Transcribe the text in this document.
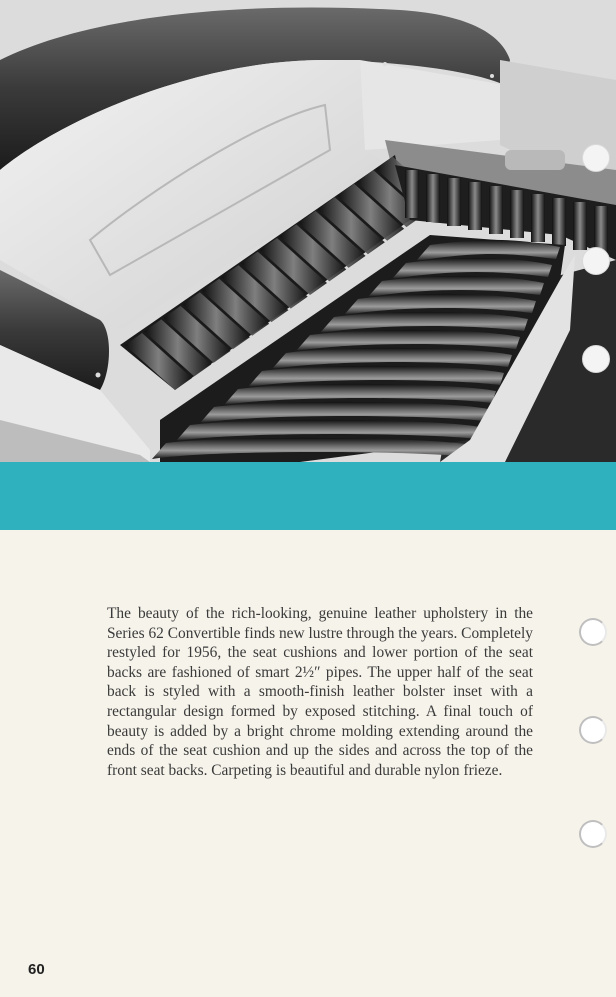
The beauty of the rich-looking, genuine leather upholstery in the Series 62 Convertible finds new lustre through the years. Completely restyled for 1956, the seat cushions and lower portion of the seat backs are fashioned of smart 2½″ pipes. The upper half of the seat back is styled with a smooth-finish leather bolster inset with a rectangular design formed by exposed stitching. A final touch of beauty is added by a bright chrome molding extending around the ends of the seat cushion and up the sides and across the top of the front seat backs. Carpeting is beautiful and durable nylon frieze.

60
